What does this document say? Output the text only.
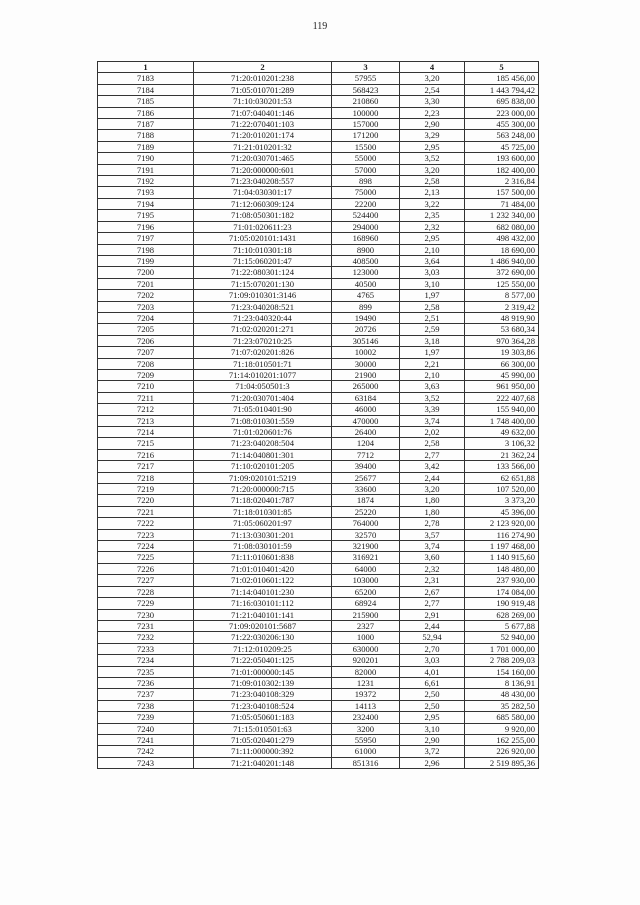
119
1	2	3	4	5
7183	71:20:010201:238	57955	3,20	185 456,00
7184	71:05:010701:289	568423	2,54	1 443 794,42
7185	71:10:030201:53	210860	3,30	695 838,00
7186	71:07:040401:146	100000	2,23	223 000,00
7187	71:22:070401:103	157000	2,90	455 300,00
7188	71:20:010201:174	171200	3,29	563 248,00
7189	71:21:010201:32	15500	2,95	45 725,00
7190	71:20:030701:465	55000	3,52	193 600,00
7191	71:20:000000:601	57000	3,20	182 400,00
7192	71:23:040208:557	898	2,58	2 316,84
7193	71:04:030301:17	75000	2,13	157 500,00
7194	71:12:060309:124	22200	3,22	71 484,00
7195	71:08:050301:182	524400	2,35	1 232 340,00
7196	71:01:020611:23	294000	2,32	682 080,00
7197	71:05:020101:1431	168960	2,95	498 432,00
7198	71:10:010301:18	8900	2,10	18 690,00
7199	71:15:060201:47	408500	3,64	1 486 940,00
7200	71:22:080301:124	123000	3,03	372 690,00
7201	71:15:070201:130	40500	3,10	125 550,00
7202	71:09:010301:3146	4765	1,97	8 577,00
7203	71:23:040208:521	899	2,58	2 319,42
7204	71:23:040320:44	19490	2,51	48 919,90
7205	71:02:020201:271	20726	2,59	53 680,34
7206	71:23:070210:25	305146	3,18	970 364,28
7207	71:07:020201:826	10002	1,97	19 303,86
7208	71:18:010501:71	30000	2,21	66 300,00
7209	71:14:010201:1077	21900	2,10	45 990,00
7210	71:04:050501:3	265000	3,63	961 950,00
7211	71:20:030701:404	63184	3,52	222 407,68
7212	71:05:010401:90	46000	3,39	155 940,00
7213	71:08:010301:559	470000	3,74	1 748 400,00
7214	71:01:020601:76	26400	2,02	49 632,00
7215	71:23:040208:504	1204	2,58	3 106,32
7216	71:14:040801:301	7712	2,77	21 362,24
7217	71:10:020101:205	39400	3,42	133 566,00
7218	71:09:020101:5219	25677	2,44	62 651,88
7219	71:20:000000:715	33600	3,20	107 520,00
7220	71:18:020401:787	1874	1,80	3 373,20
7221	71:18:010301:85	25220	1,80	45 396,00
7222	71:05:060201:97	764000	2,78	2 123 920,00
7223	71:13:030301:201	32570	3,57	116 274,90
7224	71:08:030101:59	321900	3,74	1 197 468,00
7225	71:11:010601:838	316921	3,60	1 140 915,60
7226	71:01:010401:420	64000	2,32	148 480,00
7227	71:02:010601:122	103000	2,31	237 930,00
7228	71:14:040101:230	65200	2,67	174 084,00
7229	71:16:030101:112	68924	2,77	190 919,48
7230	71:21:040101:141	215900	2,91	628 269,00
7231	71:09:020101:5687	2327	2,44	5 677,88
7232	71:22:030206:130	1000	52,94	52 940,00
7233	71:12:010209:25	630000	2,70	1 701 000,00
7234	71:22:050401:125	920201	3,03	2 788 209,03
7235	71:01:000000:145	82000	4,01	154 160,00
7236	71:09:010302:139	1231	6,61	8 136,91
7237	71:23:040108:329	19372	2,50	48 430,00
7238	71:23:040108:524	14113	2,50	35 282,50
7239	71:05:050601:183	232400	2,95	685 580,00
7240	71:15:010501:63	3200	3,10	9 920,00
7241	71:05:020401:279	55950	2,90	162 255,00
7242	71:11:000000:392	61000	3,72	226 920,00
7243	71:21:040201:148	851316	2,96	2 519 895,36
